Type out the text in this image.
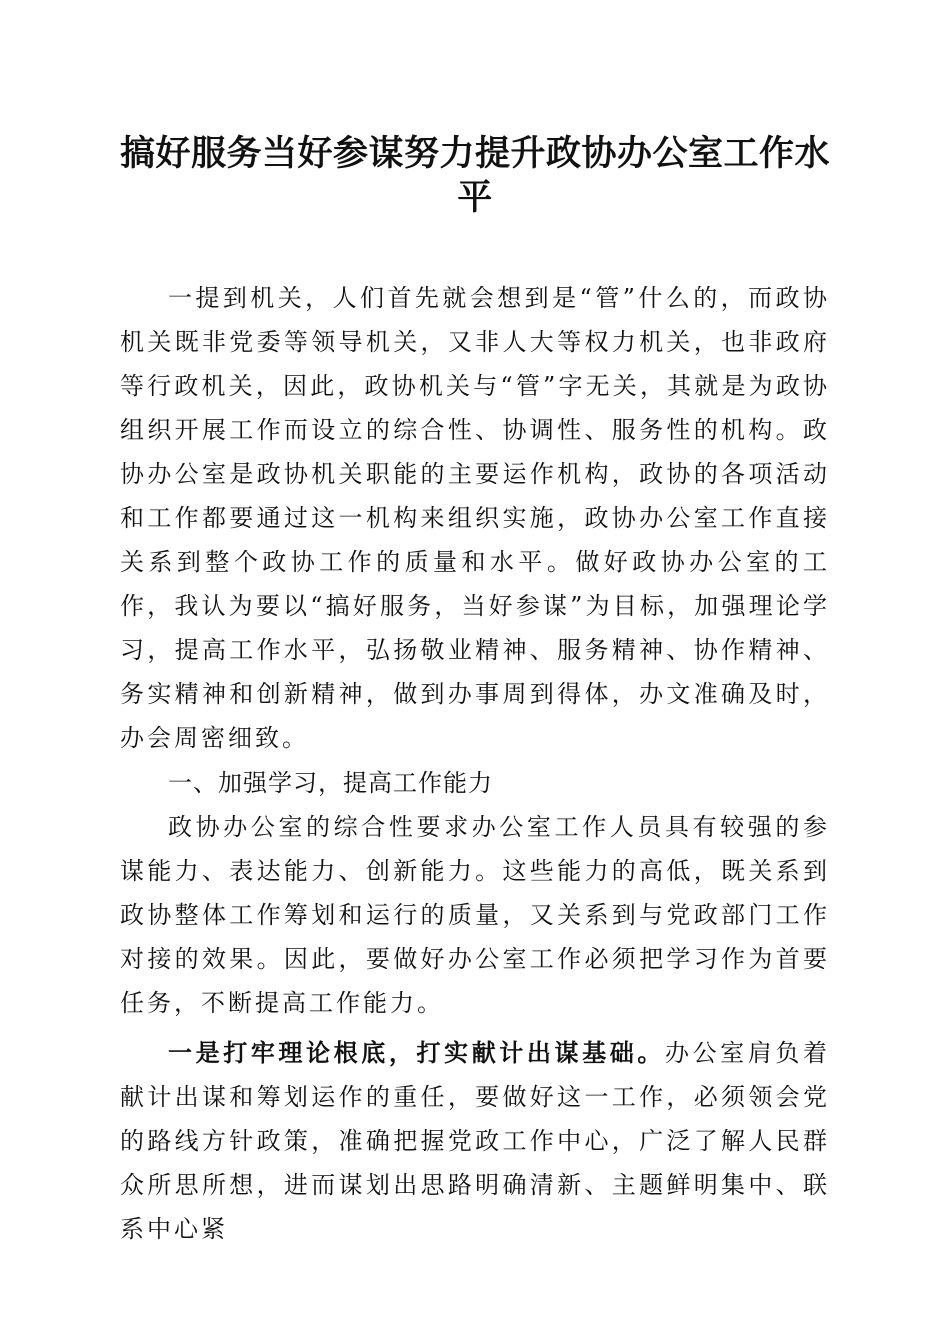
搞好服务当好参谋努力提升政协办公室工作水平

一提到机关，人们首先就会想到是“管”什么的，而政协机关既非党委等领导机关，又非人大等权力机关，也非政府等行政机关，因此，政协机关与“管”字无关，其就是为政协组织开展工作而设立的综合性、协调性、服务性的机构。政协办公室是政协机关职能的主要运作机构，政协的各项活动和工作都要通过这一机构来组织实施，政协办公室工作直接关系到整个政协工作的质量和水平。做好政协办公室的工作，我认为要以“搞好服务，当好参谋”为目标，加强理论学习，提高工作水平，弘扬敬业精神、服务精神、协作精神、务实精神和创新精神，做到办事周到得体，办文准确及时，办会周密细致。

一、加强学习，提高工作能力

政协办公室的综合性要求办公室工作人员具有较强的参谋能力、表达能力、创新能力。这些能力的高低，既关系到政协整体工作筹划和运行的质量，又关系到与党政部门工作对接的效果。因此，要做好办公室工作必须把学习作为首要任务，不断提高工作能力。

一是打牢理论根底，打实献计出谋基础。办公室肩负着献计出谋和筹划运作的重任，要做好这一工作，必须领会党的路线方针政策，准确把握党政工作中心，广泛了解人民群众所思所想，进而谋划出思路明确清新、主题鲜明集中、联系中心紧
